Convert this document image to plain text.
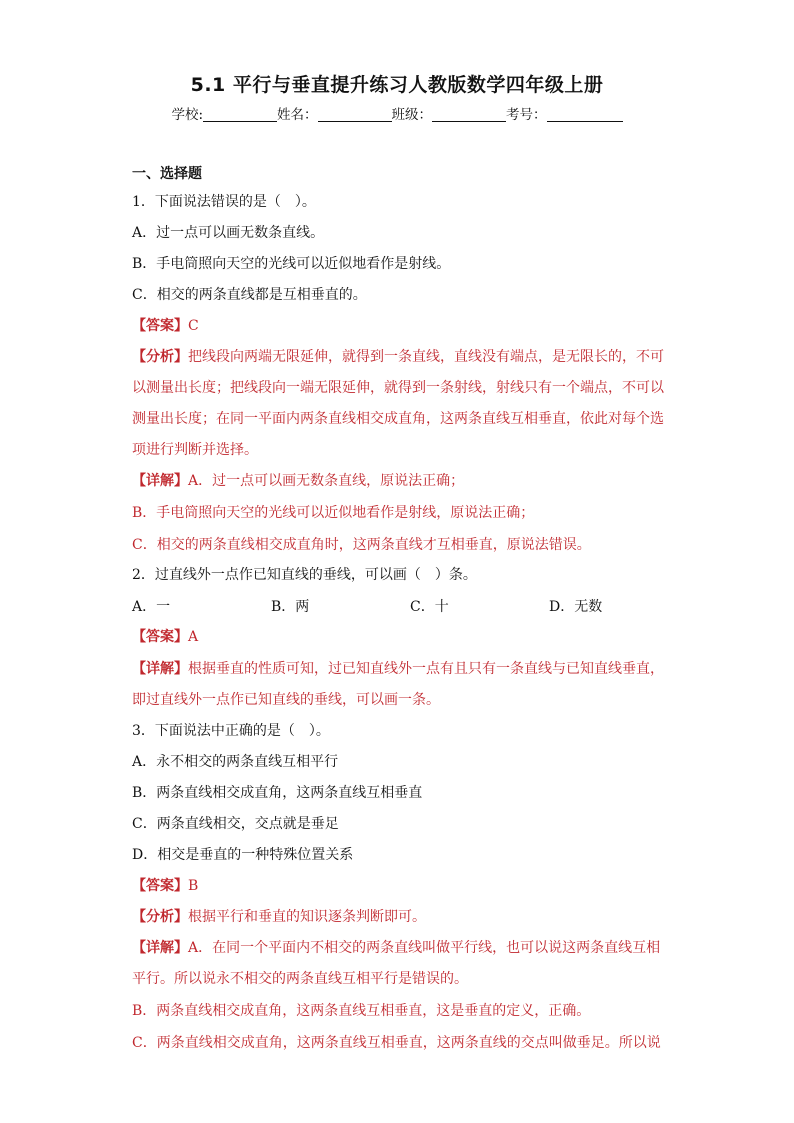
5.1 平行与垂直提升练习人教版数学四年级上册
学校:	姓名：	班级：	考号：
一、选择题
1．下面说法错误的是（　）。
A．过一点可以画无数条直线。
B．手电筒照向天空的光线可以近似地看作是射线。
C．相交的两条直线都是互相垂直的。
【答案】C
【分析】把线段向两端无限延伸，就得到一条直线，直线没有端点，是无限长的，不可
以测量出长度；把线段向一端无限延伸，就得到一条射线，射线只有一个端点，不可以
测量出长度；在同一平面内两条直线相交成直角，这两条直线互相垂直，依此对每个选
项进行判断并选择。
【详解】A．过一点可以画无数条直线，原说法正确；
B．手电筒照向天空的光线可以近似地看作是射线，原说法正确；
C．相交的两条直线相交成直角时，这两条直线才互相垂直，原说法错误。
2．过直线外一点作已知直线的垂线，可以画（　）条。
A．一	B．两	C．十	D．无数
【答案】A
【详解】根据垂直的性质可知，过已知直线外一点有且只有一条直线与已知直线垂直，
即过直线外一点作已知直线的垂线，可以画一条。
3．下面说法中正确的是（　）。
A．永不相交的两条直线互相平行
B．两条直线相交成直角，这两条直线互相垂直
C．两条直线相交，交点就是垂足
D．相交是垂直的一种特殊位置关系
【答案】B
【分析】根据平行和垂直的知识逐条判断即可。
【详解】A．在同一个平面内不相交的两条直线叫做平行线，也可以说这两条直线互相
平行。所以说永不相交的两条直线互相平行是错误的。
B．两条直线相交成直角，这两条直线互相垂直，这是垂直的定义，正确。
C．两条直线相交成直角，这两条直线互相垂直，这两条直线的交点叫做垂足。所以说
